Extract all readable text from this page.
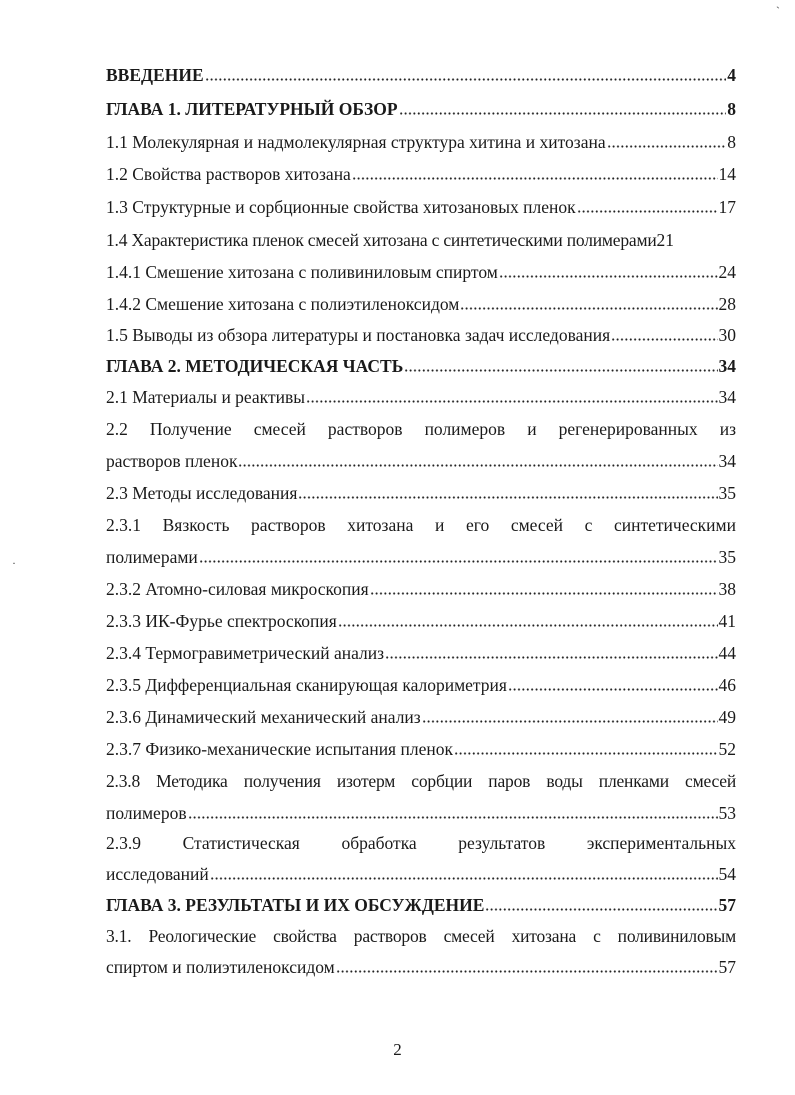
ВВЕДЕНИЕ	4
ГЛАВА 1. ЛИТЕРАТУРНЫЙ ОБЗОР	8
1.1 Молекулярная и надмолекулярная структура хитина и хитозана	8
1.2 Свойства растворов хитозана	14
1.3 Структурные и сорбционные свойства хитозановых пленок	17
1.4 Характеристика пленок смесей хитозана с синтетическими полимерами 21
1.4.1 Смешение хитозана с поливиниловым спиртом	24
1.4.2 Смешение хитозана с полиэтиленоксидом	28
1.5 Выводы из обзора литературы и постановка задач исследования	30
ГЛАВА 2. МЕТОДИЧЕСКАЯ ЧАСТЬ	34
2.1 Материалы и реактивы	34
2.2 Получение смесей растворов полимеров и регенерированных из
растворов пленок	34
2.3 Методы исследования	35
2.3.1 Вязкость растворов хитозана и его смесей с синтетическими
полимерами	35
2.3.2 Атомно-силовая микроскопия	38
2.3.3 ИК-Фурье спектроскопия	41
2.3.4 Термогравиметрический анализ	44
2.3.5 Дифференциальная сканирующая калориметрия	46
2.3.6 Динамический механический анализ	49
2.3.7 Физико-механические испытания пленок	52
2.3.8 Методика получения изотерм сорбции паров воды пленками смесей
полимеров	53
2.3.9 Статистическая обработка результатов экспериментальных
исследований	54
ГЛАВА 3. РЕЗУЛЬТАТЫ И ИХ ОБСУЖДЕНИЕ	57
3.1. Реологические свойства растворов смесей хитозана с поливиниловым
спиртом и полиэтиленоксидом	57
2
`
·
